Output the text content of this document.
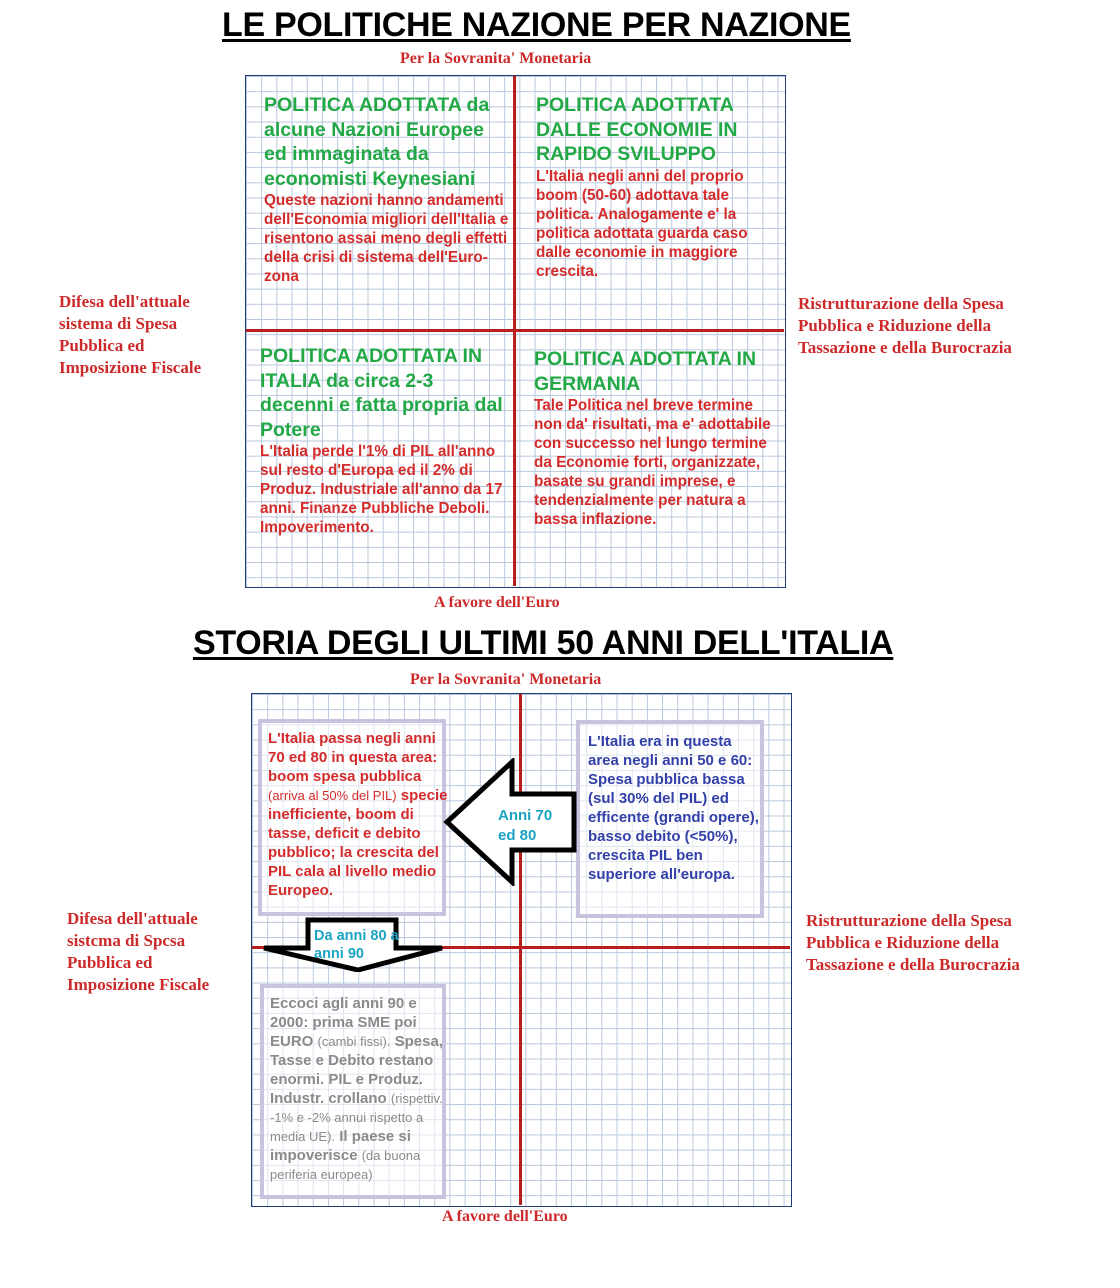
LE POLITICHE NAZIONE PER NAZIONE
Per la Sovranita' Monetaria
Difesa dell'attuale sistema di Spesa Pubblica ed Imposizione Fiscale
Ristrutturazione della Spesa Pubblica e Riduzione della Tassazione e della Burocrazia
A favore dell'Euro
POLITICA ADOTTATA da alcune Nazioni Europee ed immaginata da economisti Keynesiani
Queste nazioni hanno andamenti dell'Economia migliori dell'Italia e risentono assai meno degli effetti della crisi di sistema dell'Euro-zona
POLITICA ADOTTATA DALLE ECONOMIE IN RAPIDO SVILUPPO
L'Italia negli anni del proprio boom (50-60) adottava tale politica. Analogamente e' la politica adottata guarda caso dalle economie in maggiore crescita.
POLITICA ADOTTATA IN ITALIA da circa 2-3 decenni e fatta propria dal Potere
L'Italia perde l'1% di PIL all'anno sul resto d'Europa ed il 2% di Produz. Industriale all'anno da 17 anni. Finanze Pubbliche Deboli. Impoverimento.
POLITICA ADOTTATA IN GERMANIA
Tale Politica nel breve termine non da' risultati, ma e' adottabile con successo nel lungo termine da Economie forti, organizzate, basate su grandi imprese, e tendenzialmente per natura a bassa inflazione.
STORIA DEGLI ULTIMI 50 ANNI DELL'ITALIA
Per la Sovranita' Monetaria
Difesa dell'attuale sistcma di Spcsa Pubblica ed Imposizione Fiscale
Ristrutturazione della Spesa Pubblica e Riduzione della Tassazione e della Burocrazia
A favore dell'Euro
L'Italia passa negli anni 70 ed 80 in questa area: boom spesa pubblica (arriva al 50% del PIL) specie inefficiente, boom di tasse, deficit e debito pubblico; la crescita del PIL cala al livello medio Europeo.
L'Italia era in questa area negli anni 50 e 60: Spesa pubblica bassa (sul 30% del PIL) ed efficente (grandi opere), basso debito (<50%), crescita PIL ben superiore all'europa.
Eccoci agli anni 90 e 2000: prima SME poi EURO (cambi fissi). Spesa, Tasse e Debito restano enormi. PIL e Produz. Industr. crollano (rispettiv. -1% e -2% annui rispetto a media UE). Il paese si impoverisce (da buona periferia europea)
Anni 70 ed 80
Da anni 80 a anni 90
